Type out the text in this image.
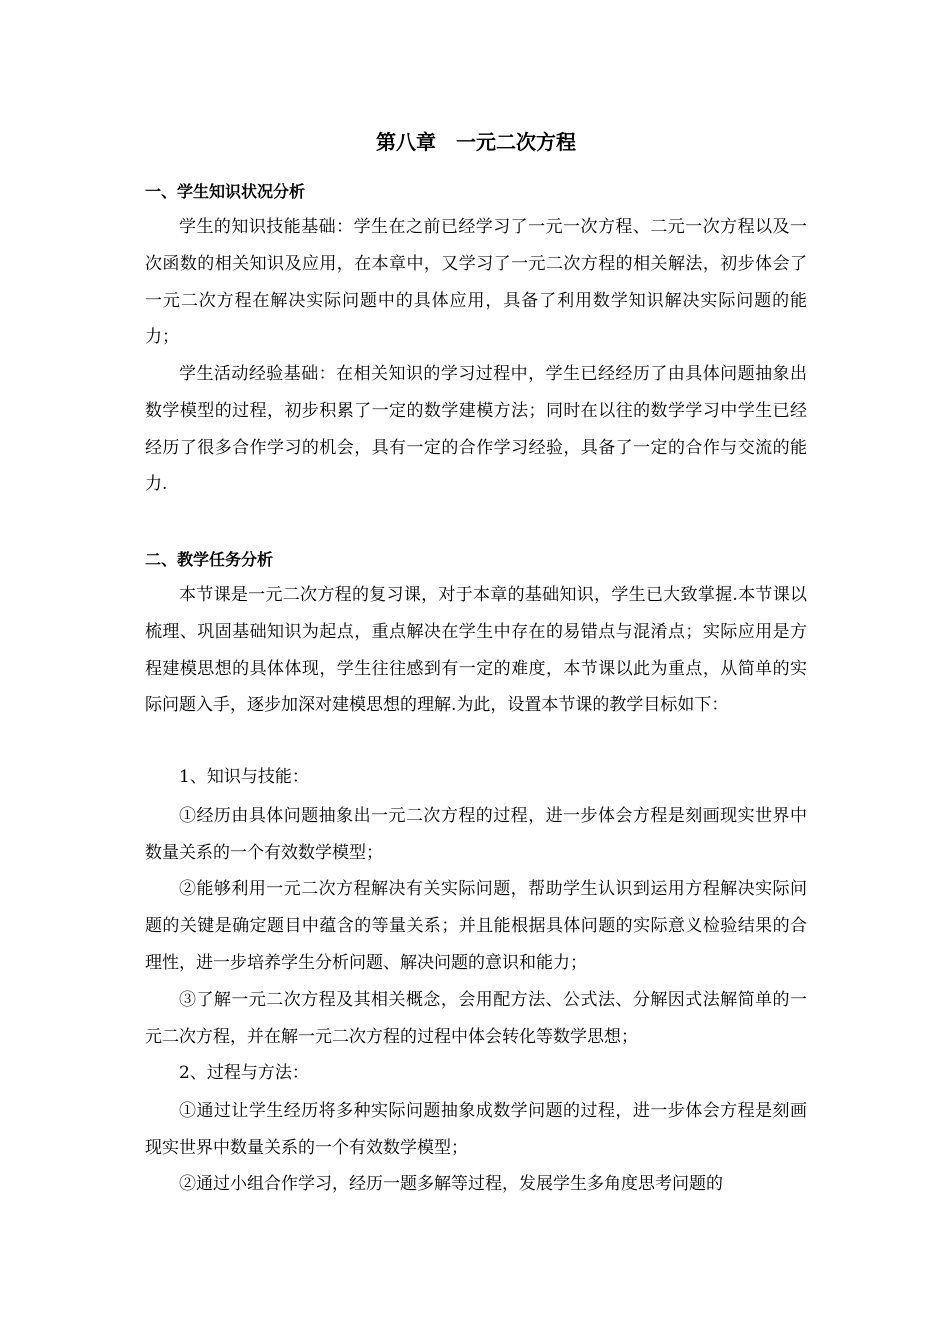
第八章　一元二次方程
一、学生知识状况分析

学生的知识技能基础：学生在之前已经学习了一元一次方程、二元一次方程以及一次函数的相关知识及应用，在本章中，又学习了一元二次方程的相关解法，初步体会了一元二次方程在解决实际问题中的具体应用，具备了利用数学知识解决实际问题的能力；

学生活动经验基础：在相关知识的学习过程中，学生已经经历了由具体问题抽象出数学模型的过程，初步积累了一定的数学建模方法；同时在以往的数学学习中学生已经经历了很多合作学习的机会，具有一定的合作学习经验，具备了一定的合作与交流的能力.

二、教学任务分析

本节课是一元二次方程的复习课，对于本章的基础知识，学生已大致掌握.本节课以梳理、巩固基础知识为起点，重点解决在学生中存在的易错点与混淆点；实际应用是方程建模思想的具体体现，学生往往感到有一定的难度，本节课以此为重点，从简单的实际问题入手，逐步加深对建模思想的理解.为此，设置本节课的教学目标如下：

1、知识与技能：

①经历由具体问题抽象出一元二次方程的过程，进一步体会方程是刻画现实世界中数量关系的一个有效数学模型；

②能够利用一元二次方程解决有关实际问题，帮助学生认识到运用方程解决实际问题的关键是确定题目中蕴含的等量关系；并且能根据具体问题的实际意义检验结果的合理性，进一步培养学生分析问题、解决问题的意识和能力；

③了解一元二次方程及其相关概念，会用配方法、公式法、分解因式法解简单的一元二次方程，并在解一元二次方程的过程中体会转化等数学思想；

2、过程与方法：

①通过让学生经历将多种实际问题抽象成数学问题的过程，进一步体会方程是刻画现实世界中数量关系的一个有效数学模型；

②通过小组合作学习，经历一题多解等过程，发展学生多角度思考问题的
